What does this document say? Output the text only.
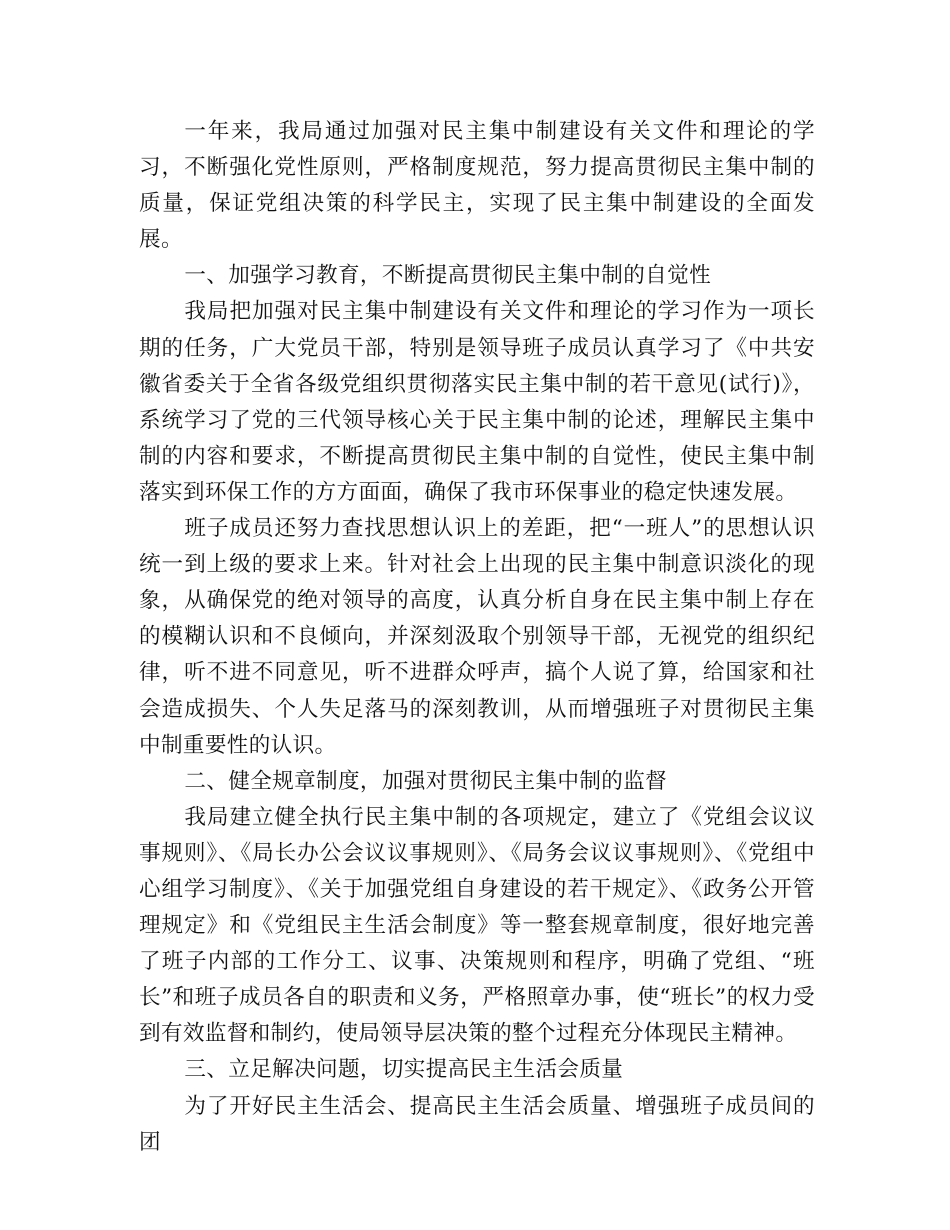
一年来，我局通过加强对民主集中制建设有关文件和理论的学习，不断强化党性原则，严格制度规范，努力提高贯彻民主集中制的质量，保证党组决策的科学民主，实现了民主集中制建设的全面发展。

一、加强学习教育，不断提高贯彻民主集中制的自觉性

我局把加强对民主集中制建设有关文件和理论的学习作为一项长期的任务，广大党员干部，特别是领导班子成员认真学习了《中共安徽省委关于全省各级党组织贯彻落实民主集中制的若干意见(试行)》，系统学习了党的三代领导核心关于民主集中制的论述，理解民主集中制的内容和要求，不断提高贯彻民主集中制的自觉性，使民主集中制落实到环保工作的方方面面，确保了我市环保事业的稳定快速发展。

班子成员还努力查找思想认识上的差距，把“一班人”的思想认识统一到上级的要求上来。针对社会上出现的民主集中制意识淡化的现象，从确保党的绝对领导的高度，认真分析自身在民主集中制上存在的模糊认识和不良倾向，并深刻汲取个别领导干部，无视党的组织纪律，听不进不同意见，听不进群众呼声，搞个人说了算，给国家和社会造成损失、个人失足落马的深刻教训，从而增强班子对贯彻民主集中制重要性的认识。

二、健全规章制度，加强对贯彻民主集中制的监督

我局建立健全执行民主集中制的各项规定，建立了《党组会议议事规则》、《局长办公会议议事规则》、《局务会议议事规则》、《党组中心组学习制度》、《关于加强党组自身建设的若干规定》、《政务公开管理规定》和《党组民主生活会制度》等一整套规章制度，很好地完善了班子内部的工作分工、议事、决策规则和程序，明确了党组、“班长”和班子成员各自的职责和义务，严格照章办事，使“班长”的权力受到有效监督和制约，使局领导层决策的整个过程充分体现民主精神。

三、立足解决问题，切实提高民主生活会质量

为了开好民主生活会、提高民主生活会质量、增强班子成员间的团
